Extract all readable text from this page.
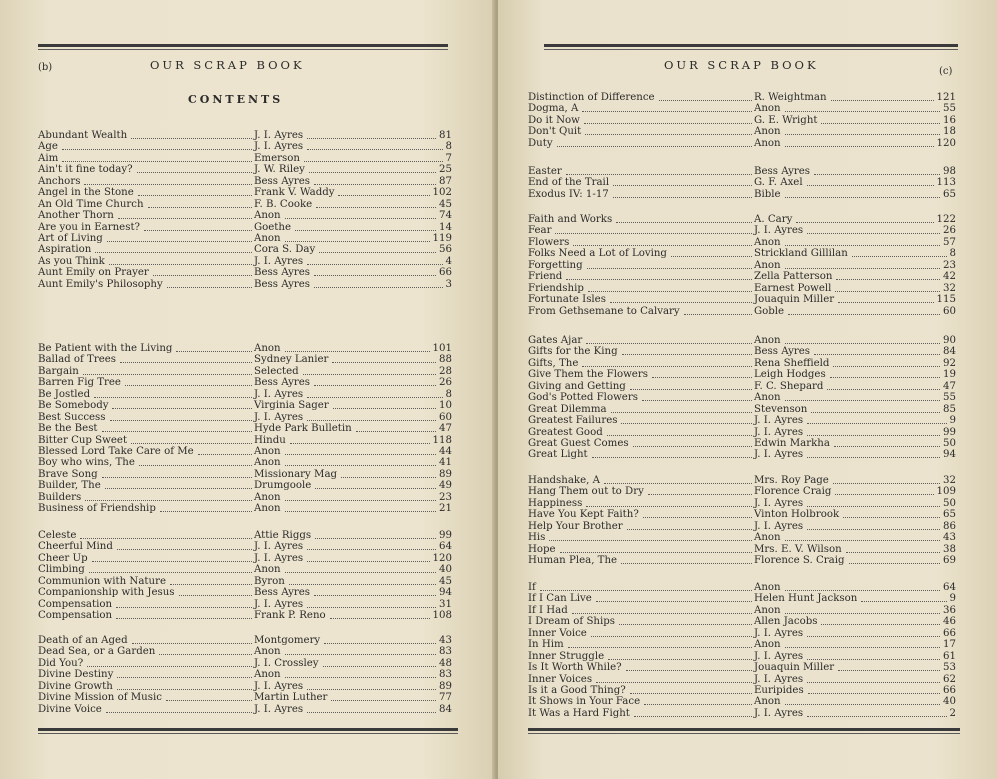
(b)	OUR SCRAP BOOK
CONTENTS
Abundant Wealth	J. I. Ayres	81
Age	J. I. Ayres	8
Aim	Emerson	7
Ain't it fine today?	J. W. Riley	25
Anchors	Bess Ayres	87
Angel in the Stone	Frank V. Waddy	102
An Old Time Church	F. B. Cooke	45
Another Thorn	Anon	74
Are you in Earnest?	Goethe	14
Art of Living	Anon	119
Aspiration	Cora S. Day	56
As you Think	J. I. Ayres	4
Aunt Emily on Prayer	Bess Ayres	66
Aunt Emily's Philosophy	Bess Ayres	3
Be Patient with the Living	Anon	101
Ballad of Trees	Sydney Lanier	88
Bargain	Selected	28
Barren Fig Tree	Bess Ayres	26
Be Jostled	J. I. Ayres	8
Be Somebody	Virginia Sager	10
Best Success	J. I. Ayres	60
Be the Best	Hyde Park Bulletin	47
Bitter Cup Sweet	Hindu	118
Blessed Lord Take Care of Me	Anon	44
Boy who wins, The	Anon	41
Brave Song	Missionary Mag	89
Builder, The	Drumgoole	49
Builders	Anon	23
Business of Friendship	Anon	21
Celeste	Attie Riggs	99
Cheerful Mind	J. I. Ayres	64
Cheer Up	J. I. Ayres	120
Climbing	Anon	40
Communion with Nature	Byron	45
Companionship with Jesus	Bess Ayres	94
Compensation	J. I. Ayres	31
Compensation	Frank P. Reno	108
Death of an Aged	Montgomery	43
Dead Sea, or a Garden	Anon	83
Did You?	J. I. Crossley	48
Divine Destiny	Anon	83
Divine Growth	J. I. Ayres	89
Divine Mission of Music	Martin Luther	77
Divine Voice	J. I. Ayres	84
OUR SCRAP BOOK	(c)
Distinction of Difference	R. Weightman	121
Dogma, A	Anon	55
Do it Now	G. E. Wright	16
Don't Quit	Anon	18
Duty	Anon	120
Easter	Bess Ayres	98
End of the Trail	G. F. Axel	113
Exodus IV: 1-17	Bible	65
Faith and Works	A. Cary	122
Fear	J. I. Ayres	26
Flowers	Anon	57
Folks Need a Lot of Loving	Strickland Gillilan	8
Forgetting	Anon	23
Friend	Zella Patterson	42
Friendship	Earnest Powell	32
Fortunate Isles	Jouaquin Miller	115
From Gethsemane to Calvary	Goble	60
Gates Ajar	Anon	90
Gifts for the King	Bess Ayres	84
Gifts, The	Rena Sheffield	92
Give Them the Flowers	Leigh Hodges	19
Giving and Getting	F. C. Shepard	47
God's Potted Flowers	Anon	55
Great Dilemma	Stevenson	85
Greatest Failures	J. I. Ayres	9
Greatest Good	J. I. Ayres	99
Great Guest Comes	Edwin Markha	50
Great Light	J. I. Ayres	94
Handshake, A	Mrs. Roy Page	32
Hang Them out to Dry	Florence Craig	109
Happiness	J. I. Ayres	50
Have You Kept Faith?	Vinton Holbrook	65
Help Your Brother	J. I. Ayres	86
His	Anon	43
Hope	Mrs. E. V. Wilson	38
Human Plea, The	Florence S. Craig	69
If	Anon	64
If I Can Live	Helen Hunt Jackson	9
If I Had	Anon	36
I Dream of Ships	Allen Jacobs	46
Inner Voice	J. I. Ayres	66
In Him	Anon	17
Inner Struggle	J. I. Ayres	61
Is It Worth While?	Jouaquin Miller	53
Inner Voices	J. I. Ayres	62
Is it a Good Thing?	Euripides	66
It Shows in Your Face	Anon	40
It Was a Hard Fight	J. I. Ayres	2
